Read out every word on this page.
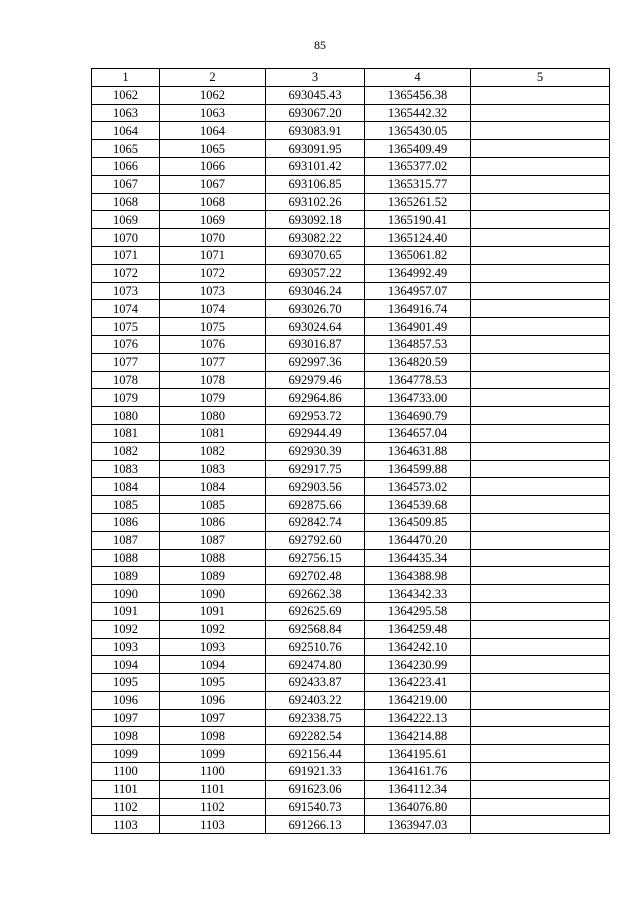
85
1	2	3	4	5
1062	1062	693045.43	1365456.38	
1063	1063	693067.20	1365442.32	
1064	1064	693083.91	1365430.05	
1065	1065	693091.95	1365409.49	
1066	1066	693101.42	1365377.02	
1067	1067	693106.85	1365315.77	
1068	1068	693102.26	1365261.52	
1069	1069	693092.18	1365190.41	
1070	1070	693082.22	1365124.40	
1071	1071	693070.65	1365061.82	
1072	1072	693057.22	1364992.49	
1073	1073	693046.24	1364957.07	
1074	1074	693026.70	1364916.74	
1075	1075	693024.64	1364901.49	
1076	1076	693016.87	1364857.53	
1077	1077	692997.36	1364820.59	
1078	1078	692979.46	1364778.53	
1079	1079	692964.86	1364733.00	
1080	1080	692953.72	1364690.79	
1081	1081	692944.49	1364657.04	
1082	1082	692930.39	1364631.88	
1083	1083	692917.75	1364599.88	
1084	1084	692903.56	1364573.02	
1085	1085	692875.66	1364539.68	
1086	1086	692842.74	1364509.85	
1087	1087	692792.60	1364470.20	
1088	1088	692756.15	1364435.34	
1089	1089	692702.48	1364388.98	
1090	1090	692662.38	1364342.33	
1091	1091	692625.69	1364295.58	
1092	1092	692568.84	1364259.48	
1093	1093	692510.76	1364242.10	
1094	1094	692474.80	1364230.99	
1095	1095	692433.87	1364223.41	
1096	1096	692403.22	1364219.00	
1097	1097	692338.75	1364222.13	
1098	1098	692282.54	1364214.88	
1099	1099	692156.44	1364195.61	
1100	1100	691921.33	1364161.76	
1101	1101	691623.06	1364112.34	
1102	1102	691540.73	1364076.80	
1103	1103	691266.13	1363947.03	
